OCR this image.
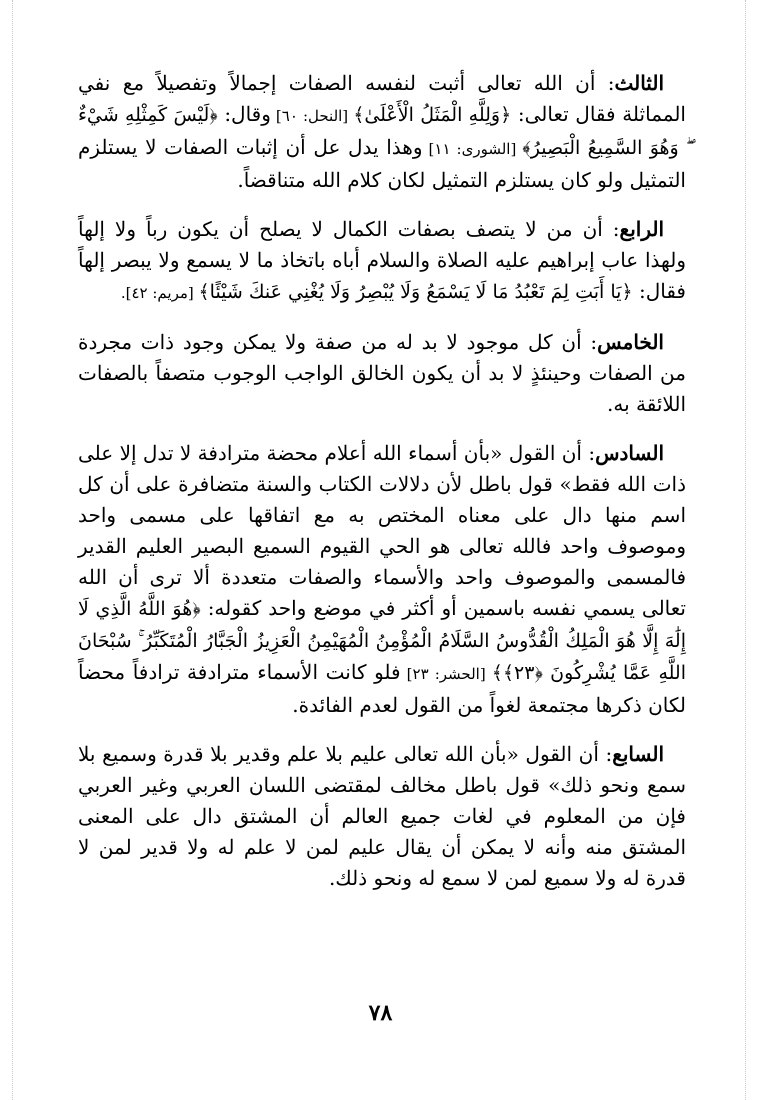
الثالث: أن الله تعالى أثبت لنفسه الصفات إجمالاً وتفصيلاً مع نفي المماثلة فقال تعالى: ﴿وَلِلَّهِ الْمَثَلُ الْأَعْلَىٰ﴾ [النحل: ٦٠] وقال: ﴿لَيْسَ كَمِثْلِهِ شَيْءٌ ۖ وَهُوَ السَّمِيعُ الْبَصِيرُ﴾ [الشورى: ١١] وهذا يدل عل أن إثبات الصفات لا يستلزم التمثيل ولو كان يستلزم التمثيل لكان كلام الله متناقضاً.

الرابع: أن من لا يتصف بصفات الكمال لا يصلح أن يكون رباً ولا إلهاً ولهذا عاب إبراهيم عليه الصلاة والسلام أباه باتخاذ ما لا يسمع ولا يبصر إلهاً فقال: ﴿يَا أَبَتِ لِمَ تَعْبُدُ مَا لَا يَسْمَعُ وَلَا يُبْصِرُ وَلَا يُغْنِي عَنكَ شَيْئًا﴾ [مريم: ٤٢].

الخامس: أن كل موجود لا بد له من صفة ولا يمكن وجود ذات مجردة من الصفات وحينئذٍ لا بد أن يكون الخالق الواجب الوجوب متصفاً بالصفات اللائقة به.

السادس: أن القول «بأن أسماء الله أعلام محضة مترادفة لا تدل إلا على ذات الله فقط» قول باطل لأن دلالات الكتاب والسنة متضافرة على أن كل اسم منها دال على معناه المختص به مع اتفاقها على مسمى واحد وموصوف واحد فالله تعالى هو الحي القيوم السميع البصير العليم القدير فالمسمى والموصوف واحد والأسماء والصفات متعددة ألا ترى أن الله تعالى يسمي نفسه باسمين أو أكثر في موضع واحد كقوله: ﴿هُوَ اللَّهُ الَّذِي لَا إِلَٰهَ إِلَّا هُوَ الْمَلِكُ الْقُدُّوسُ السَّلَامُ الْمُؤْمِنُ الْمُهَيْمِنُ الْعَزِيزُ الْجَبَّارُ الْمُتَكَبِّرُ ۚ سُبْحَانَ اللَّهِ عَمَّا يُشْرِكُونَ ﴿٢٣﴾﴾ [الحشر: ٢٣] فلو كانت الأسماء مترادفة ترادفاً محضاً لكان ذكرها مجتمعة لغواً من القول لعدم الفائدة.

السابع: أن القول «بأن الله تعالى عليم بلا علم وقدير بلا قدرة وسميع بلا سمع ونحو ذلك» قول باطل مخالف لمقتضى اللسان العربي وغير العربي فإن من المعلوم في لغات جميع العالم أن المشتق دال على المعنى المشتق منه وأنه لا يمكن أن يقال عليم لمن لا علم له ولا قدير لمن لا قدرة له ولا سميع لمن لا سمع له ونحو ذلك.

٧٨
